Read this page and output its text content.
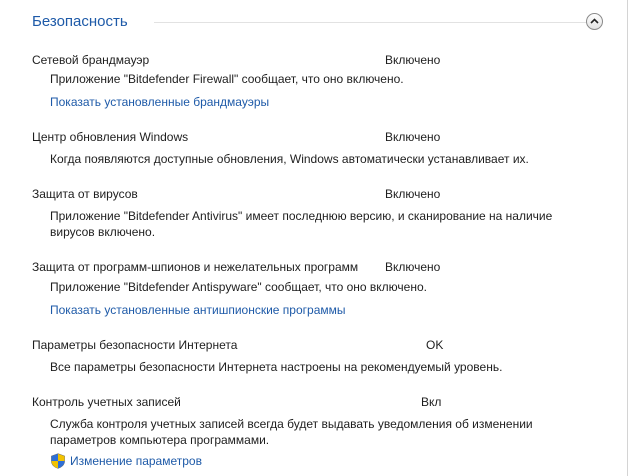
Безопасность
Сетевой брандмауэр	Включено
Приложение "Bitdefender Firewall" сообщает, что оно включено.
Показать установленные брандмауэры
Центр обновления Windows	Включено
Когда появляются доступные обновления, Windows автоматически устанавливает их.
Защита от вирусов	Включено
Приложение "Bitdefender Antivirus" имеет последнюю версию, и сканирование на наличие вирусов включено.
Защита от программ-шпионов и нежелательных программ Включено
Приложение "Bitdefender Antispyware" сообщает, что оно включено.
Показать установленные антишпионские программы
Параметры безопасности Интернета	OK
Все параметры безопасности Интернета настроены на рекомендуемый уровень.
Контроль учетных записей	Вкл
Служба контроля учетных записей всегда будет выдавать уведомления об изменении параметров компьютера программами.
Изменение параметров
